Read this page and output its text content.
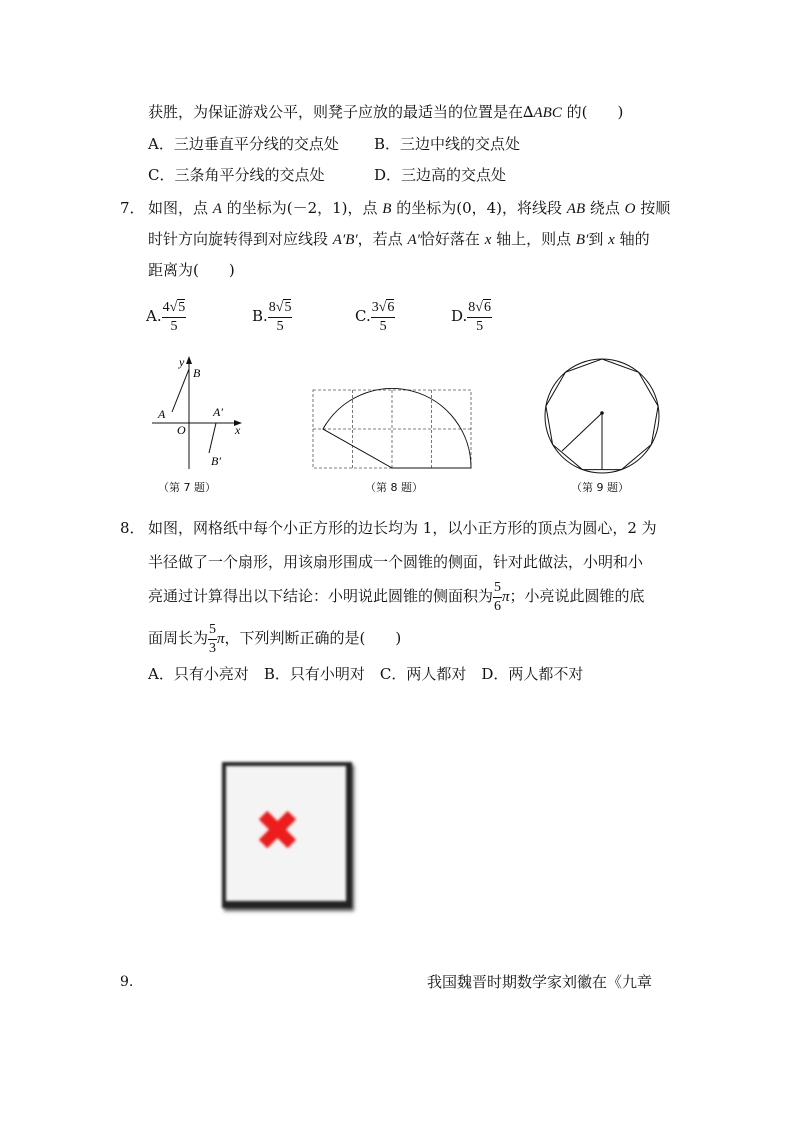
获胜，为保证游戏公平，则凳子应放的最适当的位置是在∆ABC 的(　　)
A．三边垂直平分线的交点处 B．三边中线的交点处
C．三条角平分线的交点处	D．三边高的交点处
7． 如图，点 A 的坐标为(－2，1)，点 B 的坐标为(0，4)，将线段 AB 绕点 O 按顺
时针方向旋转得到对应线段 A′B′，若点 A′恰好落在 x 轴上，则点 B′到 x 轴的
距离为(　　)
A. $\frac{4√5}{5}$	B. $\frac{8√5}{5}$	C. $\frac{3√6}{5}$	D. $\frac{8√6}{5}$
y
B
A	A′
O	x
B′
（第 7 题）	（第 8 题）	（第 9 题）
8． 如图，网格纸中每个小正方形的边长均为 1，以小正方形的顶点为圆心，2 为
半径做了一个扇形，用该扇形围成一个圆锥的侧面，针对此做法，小明和小
亮通过计算得出以下结论：小明说此圆锥的侧面积为 $\frac{5}{6}$ π；小亮说此圆锥的底
面周长为 $\frac{5}{3}$ π，下列判断正确的是(　　)
A．只有小亮对　B．只有小明对　C．两人都对　D．两人都不对
✖
9.	我国魏晋时期数学家刘徽在《九章
